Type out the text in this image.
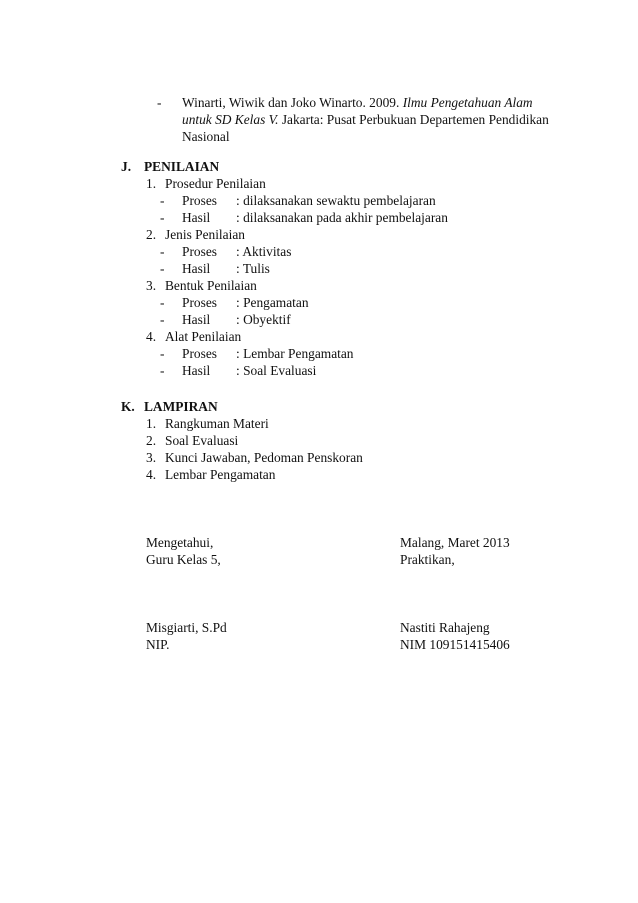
- Winarti, Wiwik dan Joko Winarto. 2009. Ilmu Pengetahuan Alam
untuk SD Kelas V. Jakarta: Pusat Perbukuan Departemen Pendidikan
Nasional
J. PENILAIAN
1. Prosedur Penilaian
- Proses : dilaksanakan sewaktu pembelajaran
- Hasil : dilaksanakan pada akhir pembelajaran
2. Jenis Penilaian
- Proses : Aktivitas
- Hasil : Tulis
3. Bentuk Penilaian
- Proses : Pengamatan
- Hasil : Obyektif
4. Alat Penilaian
- Proses : Lembar Pengamatan
- Hasil : Soal Evaluasi
K. LAMPIRAN
1. Rangkuman Materi
2. Soal Evaluasi
3. Kunci Jawaban, Pedoman Penskoran
4. Lembar Pengamatan
Mengetahui,
Guru Kelas 5,
Misgiarti, S.Pd
NIP.
Malang, Maret 2013
Praktikan,
Nastiti Rahajeng
NIM 109151415406
